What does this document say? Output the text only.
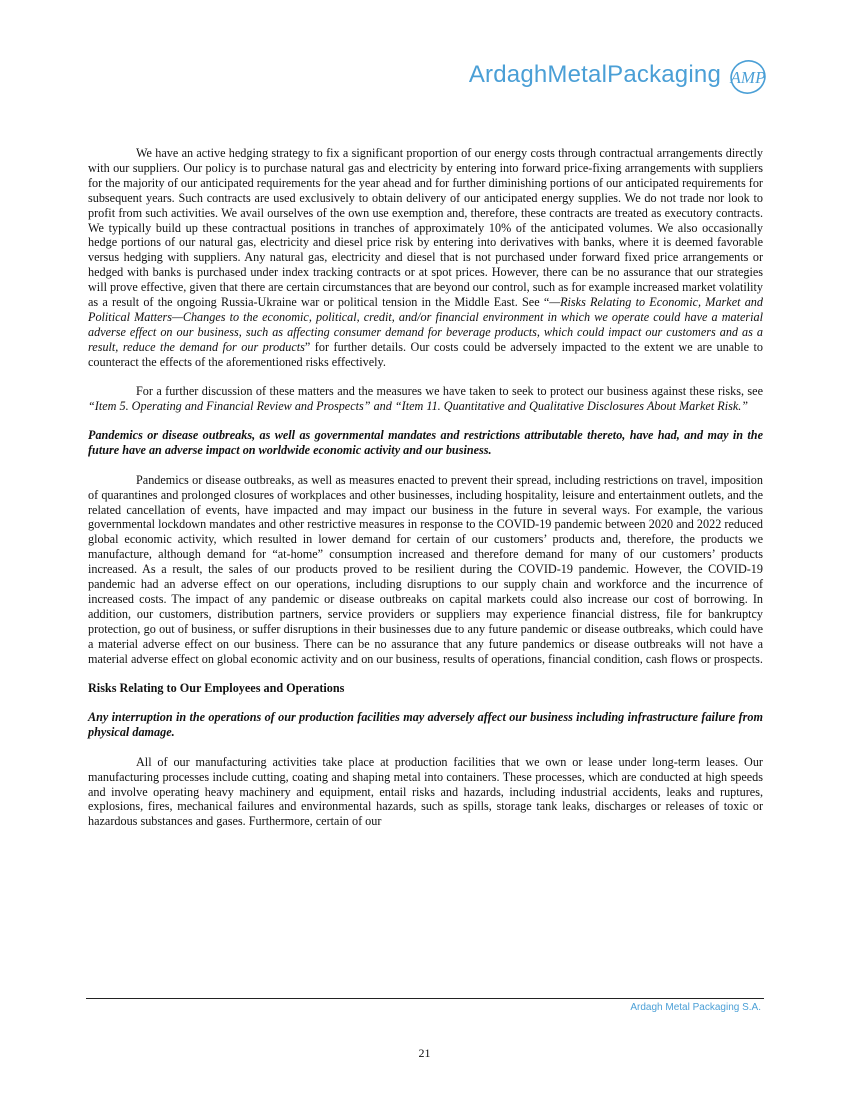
ArdaghMetalPackaging AMP

We have an active hedging strategy to fix a significant proportion of our energy costs through contractual arrangements directly with our suppliers. Our policy is to purchase natural gas and electricity by entering into forward price-fixing arrangements with suppliers for the majority of our anticipated requirements for the year ahead and for further diminishing portions of our anticipated requirements for subsequent years. Such contracts are used exclusively to obtain delivery of our anticipated energy supplies. We do not trade nor look to profit from such activities. We avail ourselves of the own use exemption and, therefore, these contracts are treated as executory contracts. We typically build up these contractual positions in tranches of approximately 10% of the anticipated volumes. We also occasionally hedge portions of our natural gas, electricity and diesel price risk by entering into derivatives with banks, where it is deemed favorable versus hedging with suppliers. Any natural gas, electricity and diesel that is not purchased under forward fixed price arrangements or hedged with banks is purchased under index tracking contracts or at spot prices. However, there can be no assurance that our strategies will prove effective, given that there are certain circumstances that are beyond our control, such as for example increased market volatility as a result of the ongoing Russia-Ukraine war or political tension in the Middle East. See “—Risks Relating to Economic, Market and Political Matters—Changes to the economic, political, credit, and/or financial environment in which we operate could have a material adverse effect on our business, such as affecting consumer demand for beverage products, which could impact our customers and as a result, reduce the demand for our products” for further details. Our costs could be adversely impacted to the extent we are unable to counteract the effects of the aforementioned risks effectively.

For a further discussion of these matters and the measures we have taken to seek to protect our business against these risks, see “Item 5. Operating and Financial Review and Prospects” and “Item 11. Quantitative and Qualitative Disclosures About Market Risk.”

Pandemics or disease outbreaks, as well as governmental mandates and restrictions attributable thereto, have had, and may in the future have an adverse impact on worldwide economic activity and our business.

Pandemics or disease outbreaks, as well as measures enacted to prevent their spread, including restrictions on travel, imposition of quarantines and prolonged closures of workplaces and other businesses, including hospitality, leisure and entertainment outlets, and the related cancellation of events, have impacted and may impact our business in the future in several ways. For example, the various governmental lockdown mandates and other restrictive measures in response to the COVID-19 pandemic between 2020 and 2022 reduced global economic activity, which resulted in lower demand for certain of our customers’ products and, therefore, the products we manufacture, although demand for “at-home” consumption increased and therefore demand for many of our customers’ products increased. As a result, the sales of our products proved to be resilient during the COVID-19 pandemic. However, the COVID-19 pandemic had an adverse effect on our operations, including disruptions to our supply chain and workforce and the incurrence of increased costs. The impact of any pandemic or disease outbreaks on capital markets could also increase our cost of borrowing. In addition, our customers, distribution partners, service providers or suppliers may experience financial distress, file for bankruptcy protection, go out of business, or suffer disruptions in their businesses due to any future pandemic or disease outbreaks, which could have a material adverse effect on our business. There can be no assurance that any future pandemics or disease outbreaks will not have a material adverse effect on global economic activity and on our business, results of operations, financial condition, cash flows or prospects.

Risks Relating to Our Employees and Operations

Any interruption in the operations of our production facilities may adversely affect our business including infrastructure failure from physical damage.

All of our manufacturing activities take place at production facilities that we own or lease under long-term leases. Our manufacturing processes include cutting, coating and shaping metal into containers. These processes, which are conducted at high speeds and involve operating heavy machinery and equipment, entail risks and hazards, including industrial accidents, leaks and ruptures, explosions, fires, mechanical failures and environmental hazards, such as spills, storage tank leaks, discharges or releases of toxic or hazardous substances and gases. Furthermore, certain of our

Ardagh Metal Packaging S.A.
21
